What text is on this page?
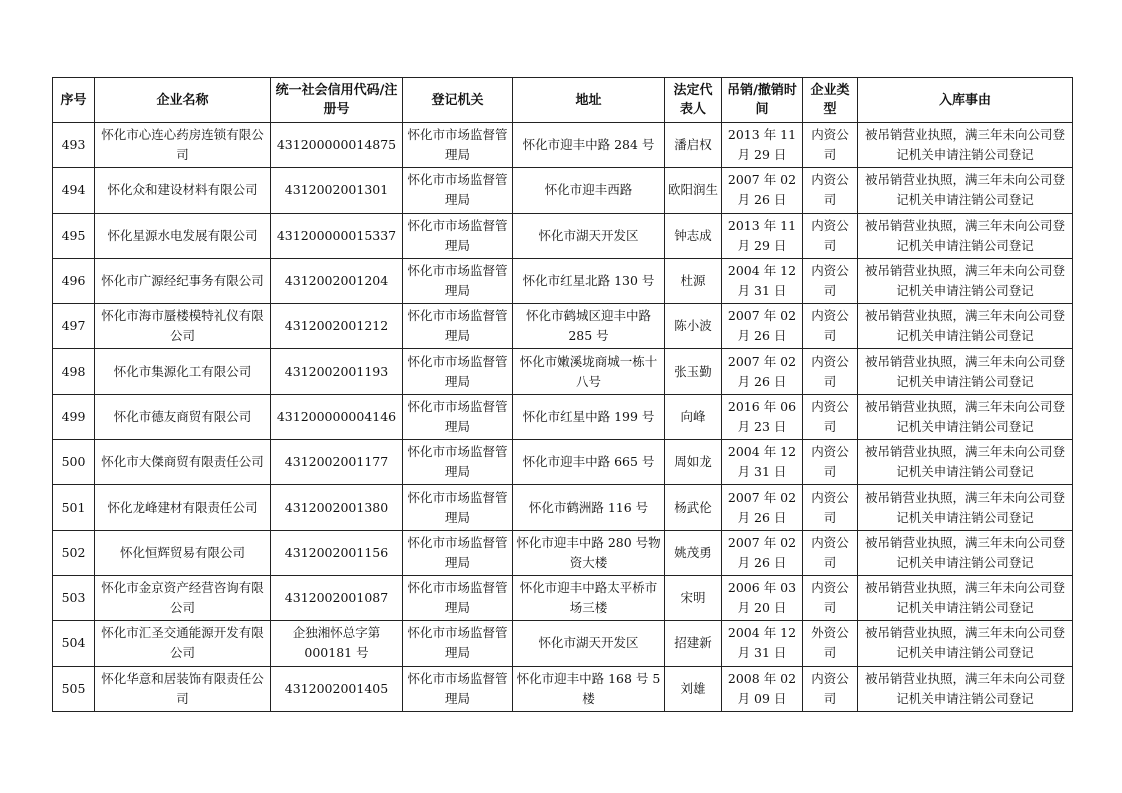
序号	企业名称	统一社会信用代码/注册号	登记机关	地址	法定代表人	吊销/撤销时间	企业类型	入库事由
493	怀化市心连心药房连锁有限公司	431200000014875	怀化市市场监督管理局	怀化市迎丰中路 284 号	潘启权	2013 年 11 月 29 日	内资公司	被吊销营业执照，满三年未向公司登记机关申请注销公司登记
494	怀化众和建设材料有限公司	4312002001301	怀化市市场监督管理局	怀化市迎丰西路	欧阳润生	2007 年 02 月 26 日	内资公司	被吊销营业执照，满三年未向公司登记机关申请注销公司登记
495	怀化星源水电发展有限公司	431200000015337	怀化市市场监督管理局	怀化市湖天开发区	钟志成	2013 年 11 月 29 日	内资公司	被吊销营业执照，满三年未向公司登记机关申请注销公司登记
496	怀化市广源经纪事务有限公司	4312002001204	怀化市市场监督管理局	怀化市红星北路 130 号	杜源	2004 年 12 月 31 日	内资公司	被吊销营业执照，满三年未向公司登记机关申请注销公司登记
497	怀化市海市蜃楼模特礼仪有限公司	4312002001212	怀化市市场监督管理局	怀化市鹤城区迎丰中路 285 号	陈小波	2007 年 02 月 26 日	内资公司	被吊销营业执照，满三年未向公司登记机关申请注销公司登记
498	怀化市集源化工有限公司	4312002001193	怀化市市场监督管理局	怀化市嫩溪垅商城一栋十八号	张玉勤	2007 年 02 月 26 日	内资公司	被吊销营业执照，满三年未向公司登记机关申请注销公司登记
499	怀化市德友商贸有限公司	431200000004146	怀化市市场监督管理局	怀化市红星中路 199 号	向峰	2016 年 06 月 23 日	内资公司	被吊销营业执照，满三年未向公司登记机关申请注销公司登记
500	怀化市大傑商贸有限责任公司	4312002001177	怀化市市场监督管理局	怀化市迎丰中路 665 号	周如龙	2004 年 12 月 31 日	内资公司	被吊销营业执照，满三年未向公司登记机关申请注销公司登记
501	怀化龙峰建材有限责任公司	4312002001380	怀化市市场监督管理局	怀化市鹤洲路 116 号	杨武伦	2007 年 02 月 26 日	内资公司	被吊销营业执照，满三年未向公司登记机关申请注销公司登记
502	怀化恒辉贸易有限公司	4312002001156	怀化市市场监督管理局	怀化市迎丰中路 280 号物资大楼	姚茂勇	2007 年 02 月 26 日	内资公司	被吊销营业执照，满三年未向公司登记机关申请注销公司登记
503	怀化市金京资产经营咨询有限公司	4312002001087	怀化市市场监督管理局	怀化市迎丰中路太平桥市场三楼	宋明	2006 年 03 月 20 日	内资公司	被吊销营业执照，满三年未向公司登记机关申请注销公司登记
504	怀化市汇圣交通能源开发有限公司	企独湘怀总字第 000181 号	怀化市市场监督管理局	怀化市湖天开发区	招建新	2004 年 12 月 31 日	外资公司	被吊销营业执照，满三年未向公司登记机关申请注销公司登记
505	怀化华意和居装饰有限责任公司	4312002001405	怀化市市场监督管理局	怀化市迎丰中路 168 号 5 楼	刘雄	2008 年 02 月 09 日	内资公司	被吊销营业执照，满三年未向公司登记机关申请注销公司登记
